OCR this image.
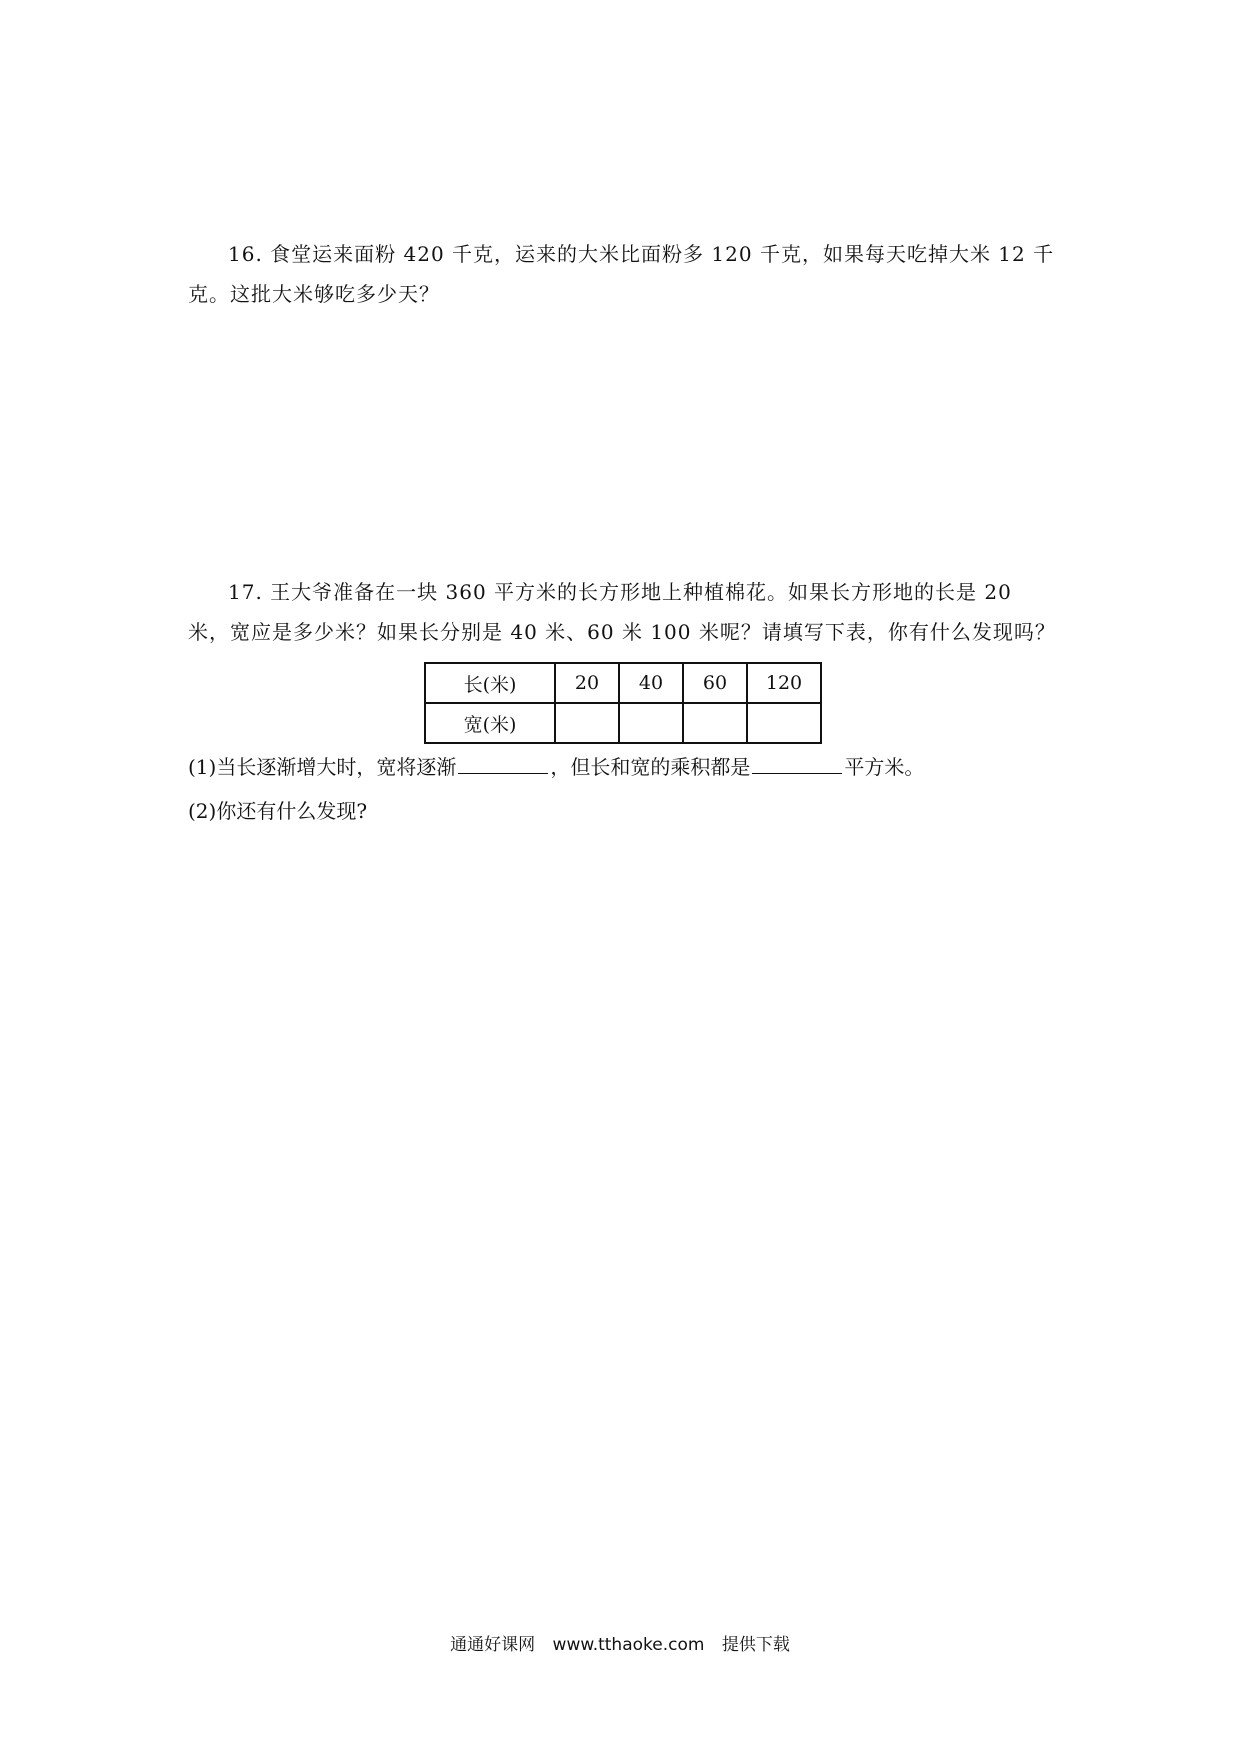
16. 食堂运来面粉 420 千克，运来的大米比面粉多 120 千克，如果每天吃掉大米 12 千克。这批大米够吃多少天？

17. 王大爷准备在一块 360 平方米的长方形地上种植棉花。如果长方形地的长是 20 米，宽应是多少米？如果长分别是 40 米、60 米 100 米呢？请填写下表，你有什么发现吗？

长(米)	20	40	60	120
宽(米)				

(1)当长逐渐增大时，宽将逐渐	，但长和宽的乘积都是	平方米。

(2)你还有什么发现?

通通好课网 www.tthaoke.com 提供下载
